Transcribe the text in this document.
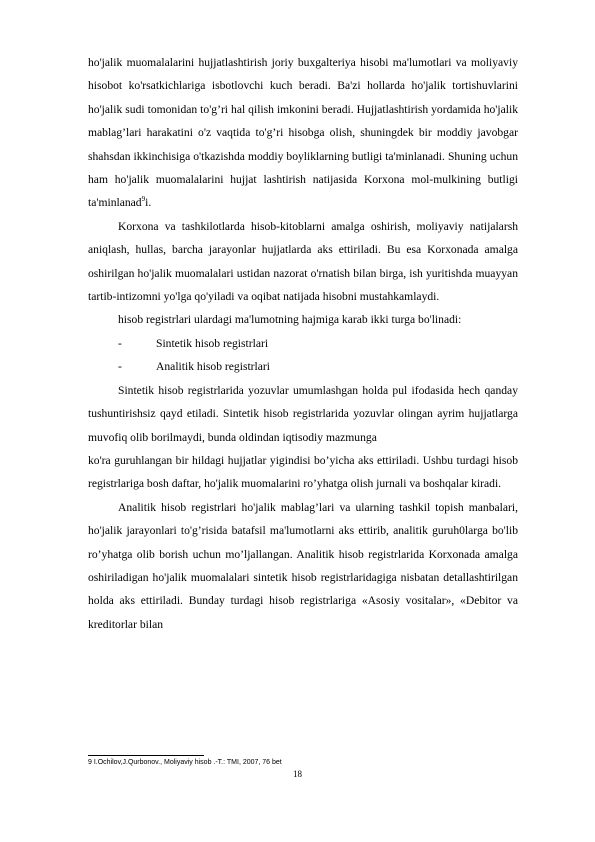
ho'jalik muomalalarini hujjatlashtirish joriy buxgalteriya hisobi ma'lumotlari va moliyaviy hisobot ko'rsatkichlariga isbotlovchi kuch beradi. Ba'zi hollarda ho'jalik tortishuvlarini ho'jalik sudi tomonidan to'g’ri hal qilish imkonini beradi. Hujjatlashtirish yordamida ho'jalik mablag’lari harakatini o'z vaqtida to'g’ri hisobga olish, shuningdek bir moddiy javobgar shahsdan ikkinchisiga o'tkazishda moddiy boyliklarning butligi ta'minlanadi. Shuning uchun ham ho'jalik muomalalarini hujjat lashtirish natijasida Korxona mol-mulkining butligi ta'minlanad$^9$i.

Korxona va tashkilotlarda hisob-kitoblarni amalga oshirish, moliyaviy natijalarsh aniqlash, hullas, barcha jarayonlar hujjatlarda aks ettiriladi. Bu esa Korxonada amalga oshirilgan ho'jalik muomalalari ustidan nazorat o'rnatish bilan birga, ish yuritishda muayyan tartib-intizomni yo'lga qo'yiladi va oqibat natijada hisobni mustahkamlaydi.

hisob registrlari ulardagi ma'lumotning hajmiga karab ikki turga bo'linadi:

-	Sintetik hisob registrlari
-	Analitik hisob registrlari

Sintetik hisob registrlarida yozuvlar umumlashgan holda pul ifodasida hech qanday tushuntirishsiz qayd etiladi. Sintetik hisob registrlarida yozuvlar olingan ayrim hujjatlarga muvofiq olib borilmaydi, bunda oldindan iqtisodiy mazmunga

ko'ra guruhlangan bir hildagi hujjatlar yigindisi bo’yicha aks ettiriladi. Ushbu turdagi hisob registrlariga bosh daftar, ho'jalik muomalarini ro’yhatga olish jurnali va boshqalar kiradi.

Analitik hisob registrlari ho'jalik mablag’lari va ularning tashkil topish manbalari, ho'jalik jarayonlari to'g’risida batafsil ma'lumotlarni aks ettirib, analitik guruh0larga bo'lib ro’yhatga olib borish uchun mo’ljallangan. Analitik hisob registrlarida Korxonada amalga oshiriladigan ho'jalik muomalalari sintetik hisob registrlaridagiga nisbatan detallashtirilgan holda aks ettiriladi. Bunday turdagi hisob registrlariga «Asosiy vositalar», «Debitor va kreditorlar bilan

9 I.Ochilov,J.Qurbonov., Moliyaviy hisob .-T.: TMI, 2007, 76 bet
18
